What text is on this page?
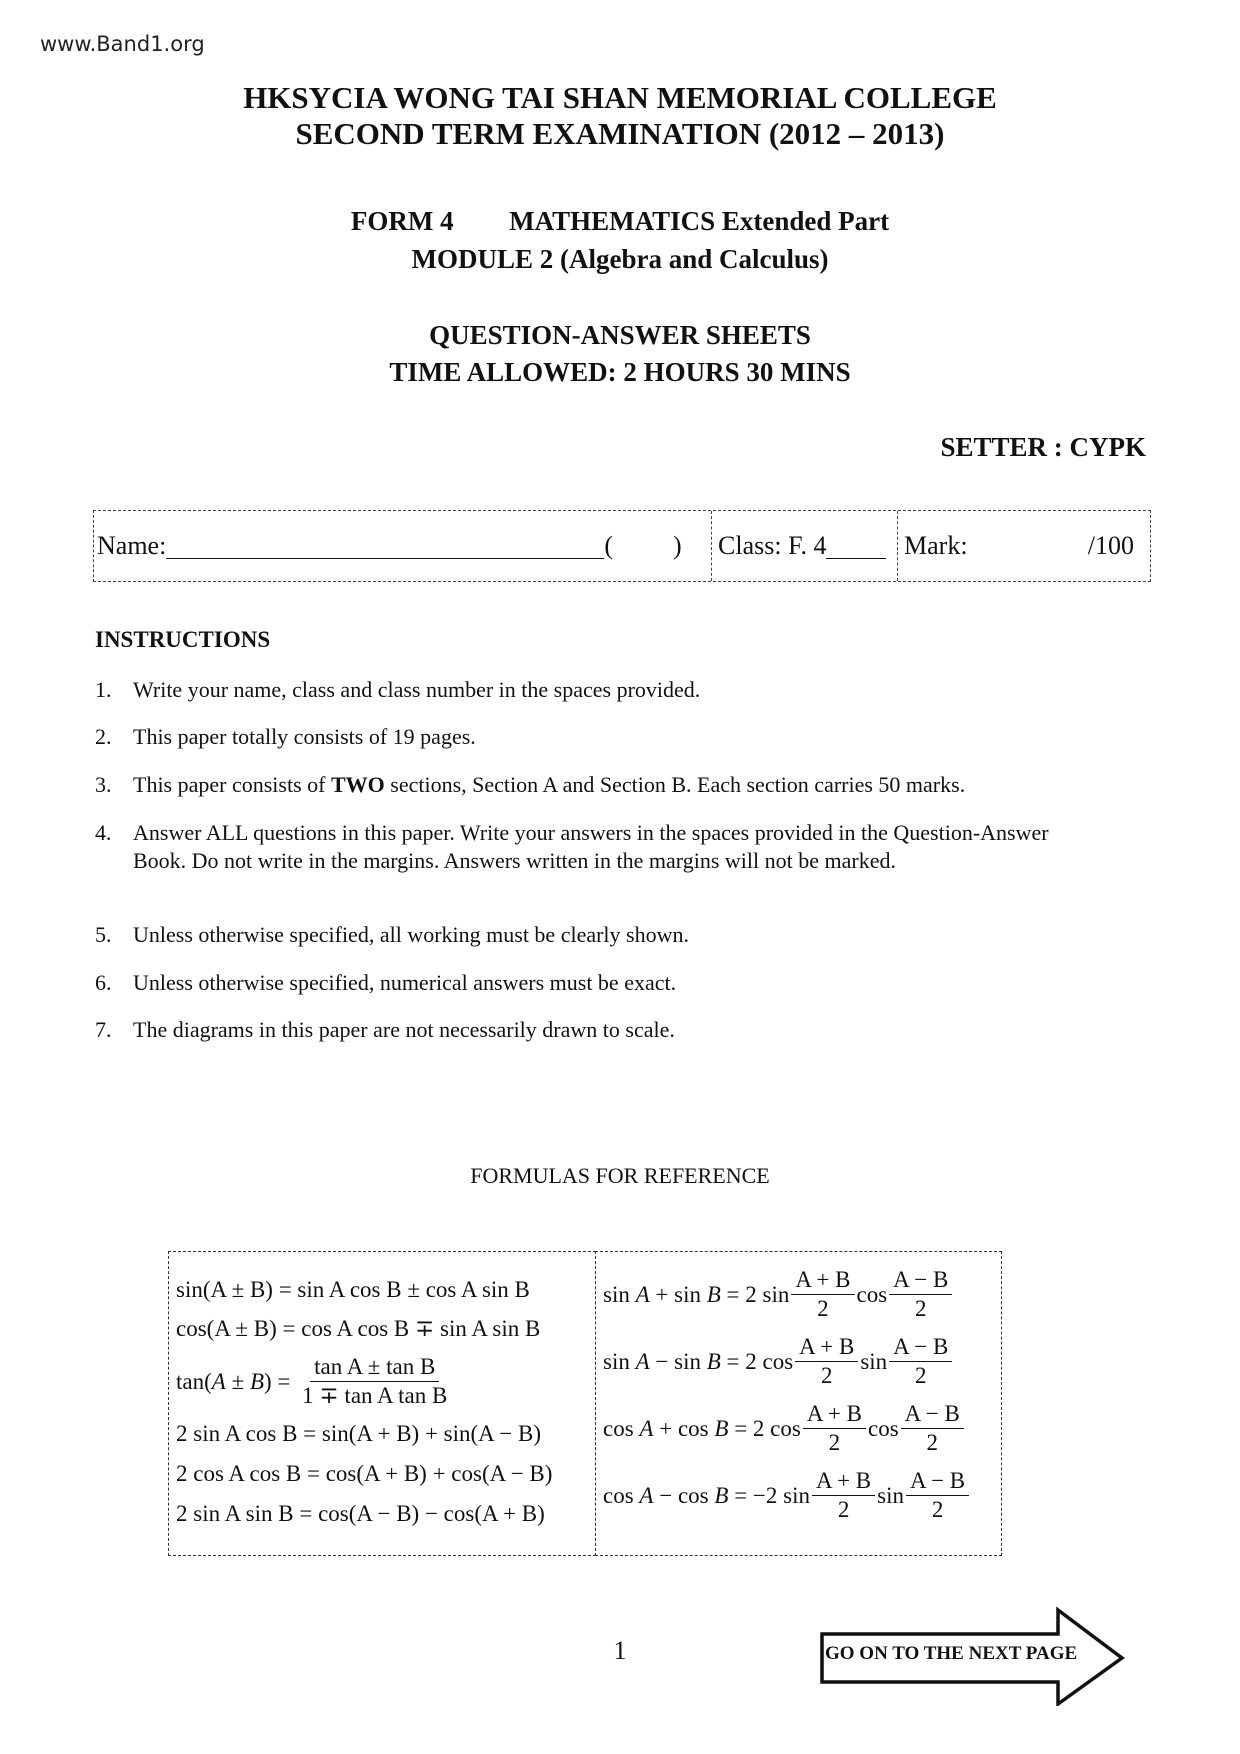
www.Band1.org
HKSYCIA WONG TAI SHAN MEMORIAL COLLEGE
SECOND TERM EXAMINATION (2012 – 2013)
FORM 4 MATHEMATICS Extended Part
MODULE 2 (Algebra and Calculus)
QUESTION-ANSWER SHEETS
TIME ALLOWED: 2 HOURS 30 MINS
SETTER : CYPK
Name:	( ) Class: F. 4	Mark:	/100
INSTRUCTIONS
1. Write your name, class and class number in the spaces provided.
2. This paper totally consists of 19 pages.
3. This paper consists of TWO sections, Section A and Section B. Each section carries 50 marks.
4. Answer ALL questions in this paper. Write your answers in the spaces provided in the Question-Answer Book. Do not write in the margins. Answers written in the margins will not be marked.
5. Unless otherwise specified, all working must be clearly shown.
6. Unless otherwise specified, numerical answers must be exact.
7. The diagrams in this paper are not necessarily drawn to scale.
FORMULAS FOR REFERENCE
sin(A ± B) = sin A cos B ± cos A sin B
cos(A ± B) = cos A cos B ∓ sin A sin B
$\tan(A \pm B) = \frac{\text{tan A ± tan B}}{\text{1 ∓ tan A tan B}}$
2 sin A cos B = sin(A + B) + sin(A − B)
2 cos A cos B = cos(A + B) + cos(A − B)
2 sin A sin B = cos(A − B) − cos(A + B)
sin A + sin B = 2 $\sin \frac{A + B}{2}$ $\cos \frac{A - B}{2}$
sin A − sin B = 2 $\cos \frac{A + B}{2}$ $\sin \frac{A - B}{2}$
cos A + cos B = 2 $\cos \frac{A + B}{2}$ $\cos \frac{A - B}{2}$
cos A − cos B = −2 $\sin \frac{A + B}{2}$ $\sin \frac{A - B}{2}$
1	GO ON TO THE NEXT PAGE
